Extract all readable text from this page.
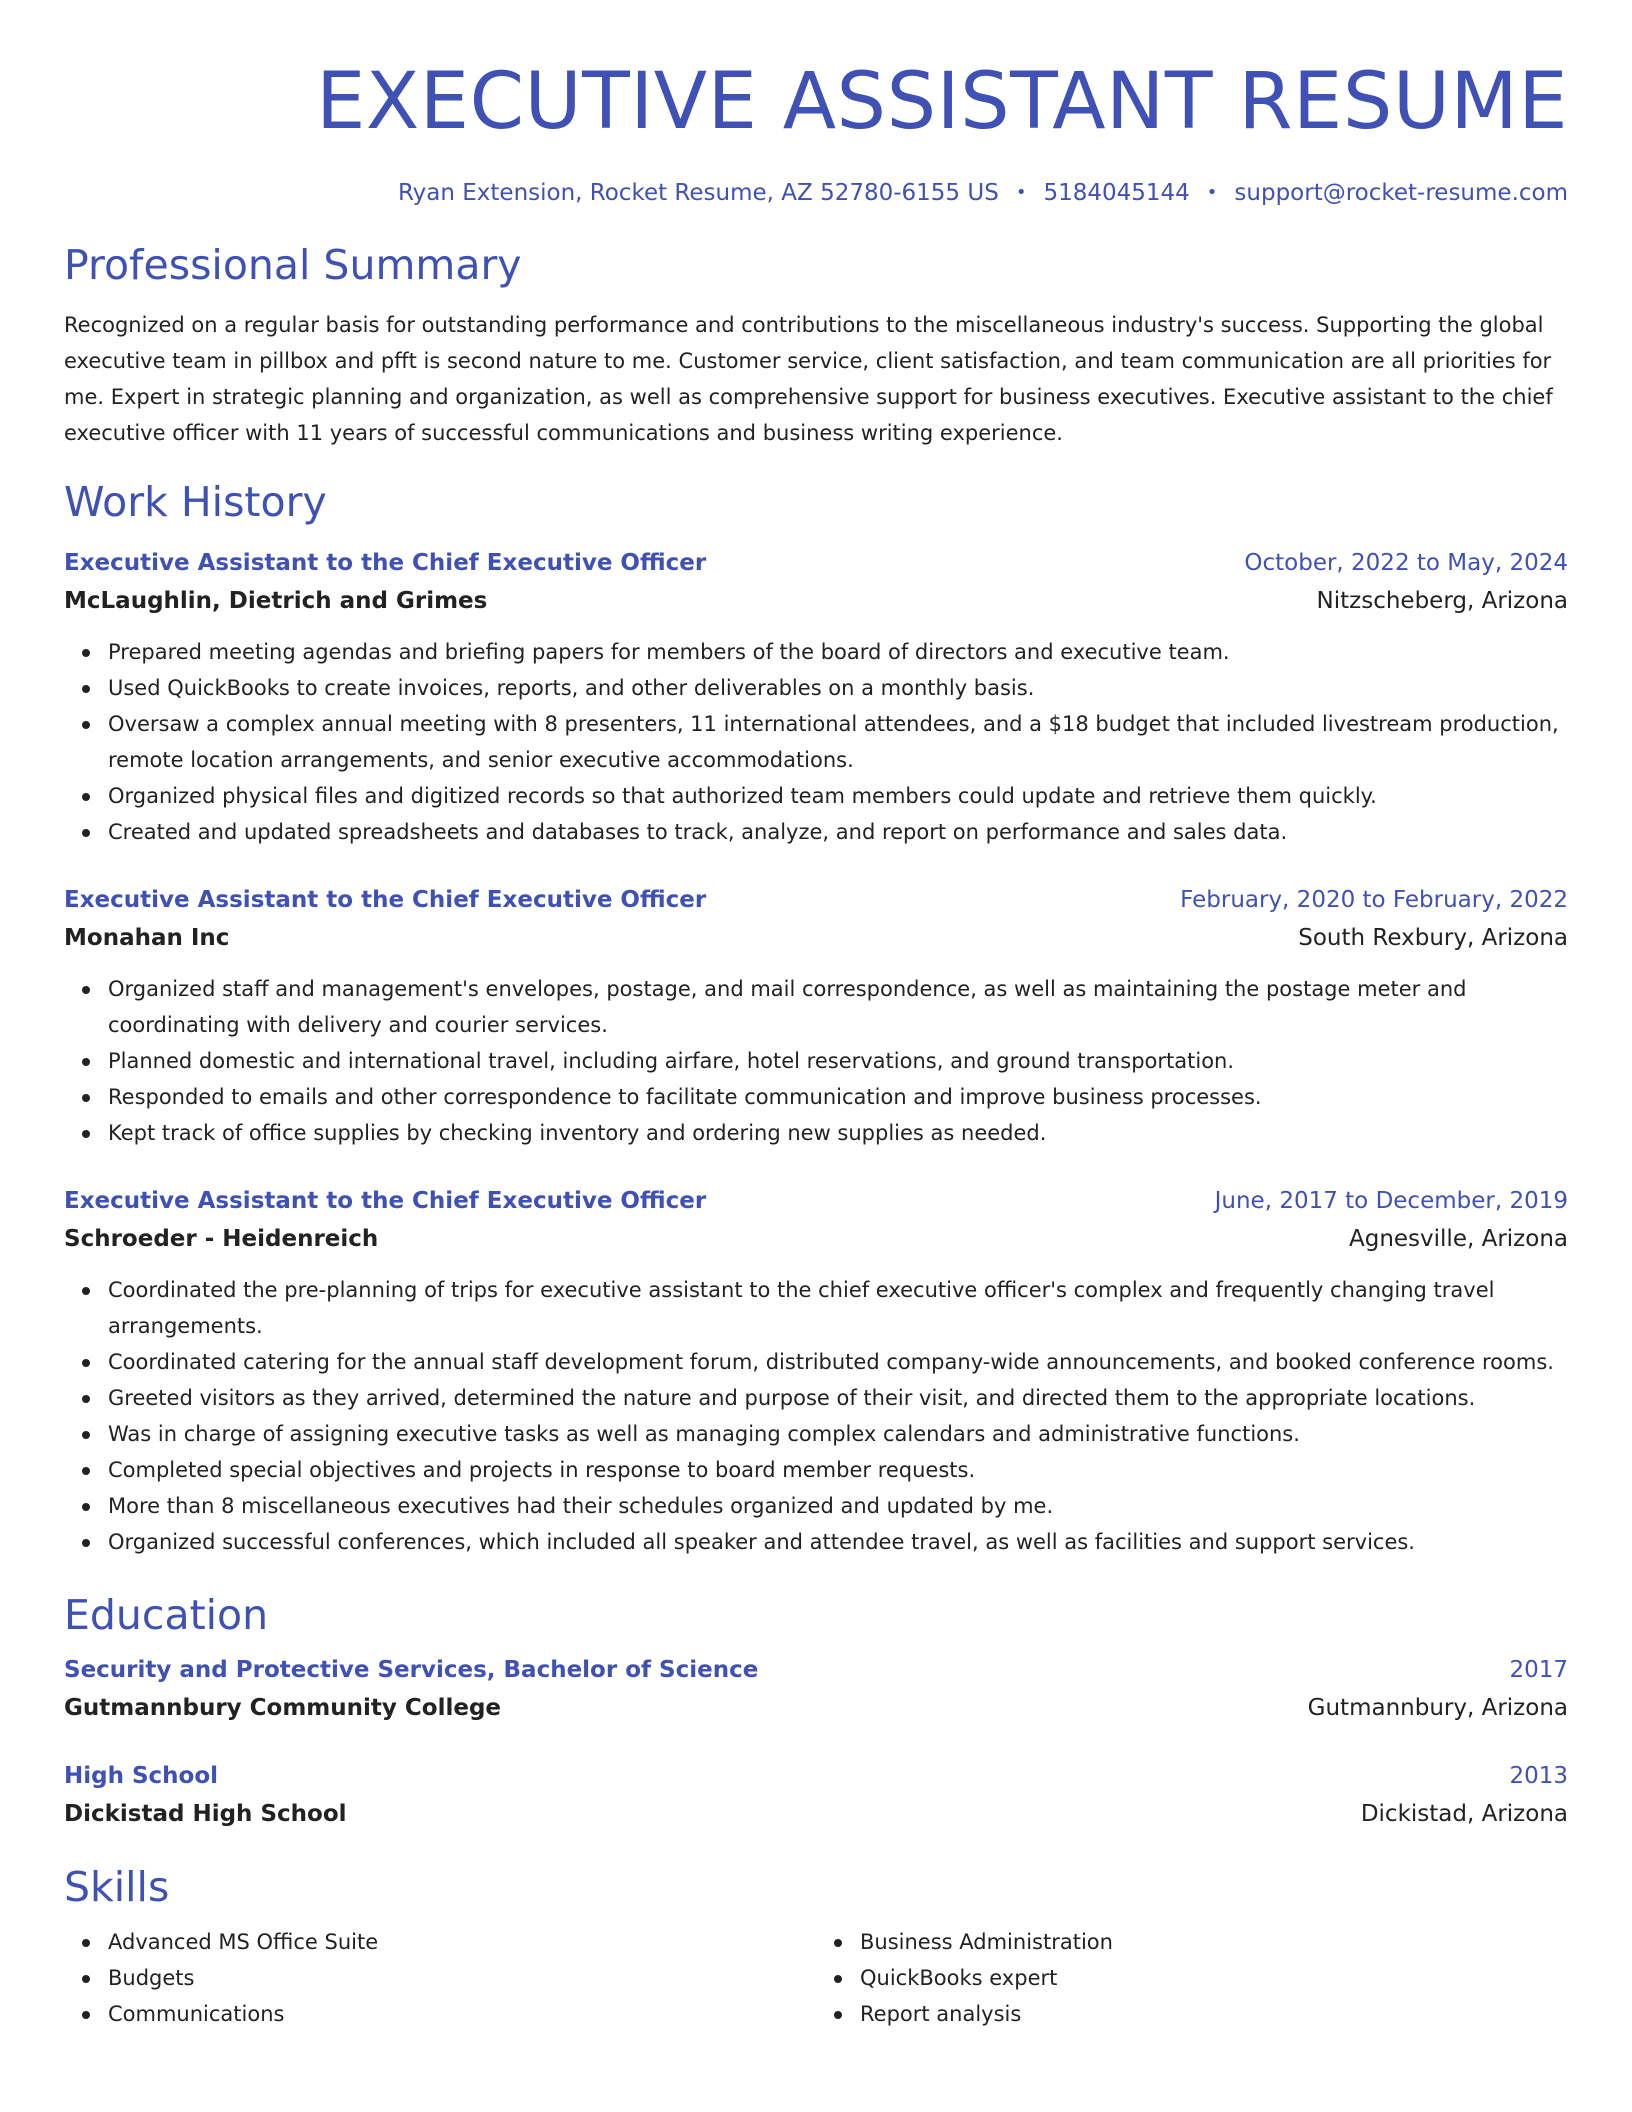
EXECUTIVE ASSISTANT RESUME
Ryan Extension, Rocket Resume, AZ 52780-6155 US • 5184045144 • support@rocket-resume.com
Professional Summary
Recognized on a regular basis for outstanding performance and contributions to the miscellaneous industry's success. Supporting the global executive team in pillbox and pfft is second nature to me. Customer service, client satisfaction, and team communication are all priorities for me. Expert in strategic planning and organization, as well as comprehensive support for business executives. Executive assistant to the chief executive officer with 11 years of successful communications and business writing experience.
Work History
Executive Assistant to the Chief Executive Officer	October, 2022 to May, 2024
McLaughlin, Dietrich and Grimes	Nitzscheberg, Arizona
Prepared meeting agendas and briefing papers for members of the board of directors and executive team.
Used QuickBooks to create invoices, reports, and other deliverables on a monthly basis.
Oversaw a complex annual meeting with 8 presenters, 11 international attendees, and a $18 budget that included livestream production, remote location arrangements, and senior executive accommodations.
Organized physical files and digitized records so that authorized team members could update and retrieve them quickly.
Created and updated spreadsheets and databases to track, analyze, and report on performance and sales data.
Executive Assistant to the Chief Executive Officer	February, 2020 to February, 2022
Monahan Inc	South Rexbury, Arizona
Organized staff and management's envelopes, postage, and mail correspondence, as well as maintaining the postage meter and coordinating with delivery and courier services.
Planned domestic and international travel, including airfare, hotel reservations, and ground transportation.
Responded to emails and other correspondence to facilitate communication and improve business processes.
Kept track of office supplies by checking inventory and ordering new supplies as needed.
Executive Assistant to the Chief Executive Officer	June, 2017 to December, 2019
Schroeder - Heidenreich	Agnesville, Arizona
Coordinated the pre-planning of trips for executive assistant to the chief executive officer's complex and frequently changing travel arrangements.
Coordinated catering for the annual staff development forum, distributed company-wide announcements, and booked conference rooms.
Greeted visitors as they arrived, determined the nature and purpose of their visit, and directed them to the appropriate locations.
Was in charge of assigning executive tasks as well as managing complex calendars and administrative functions.
Completed special objectives and projects in response to board member requests.
More than 8 miscellaneous executives had their schedules organized and updated by me.
Organized successful conferences, which included all speaker and attendee travel, as well as facilities and support services.
Education
Security and Protective Services, Bachelor of Science	2017
Gutmannbury Community College	Gutmannbury, Arizona
High School	2013
Dickistad High School	Dickistad, Arizona
Skills
Advanced MS Office Suite
Budgets
Communications
Business Administration
QuickBooks expert
Report analysis
